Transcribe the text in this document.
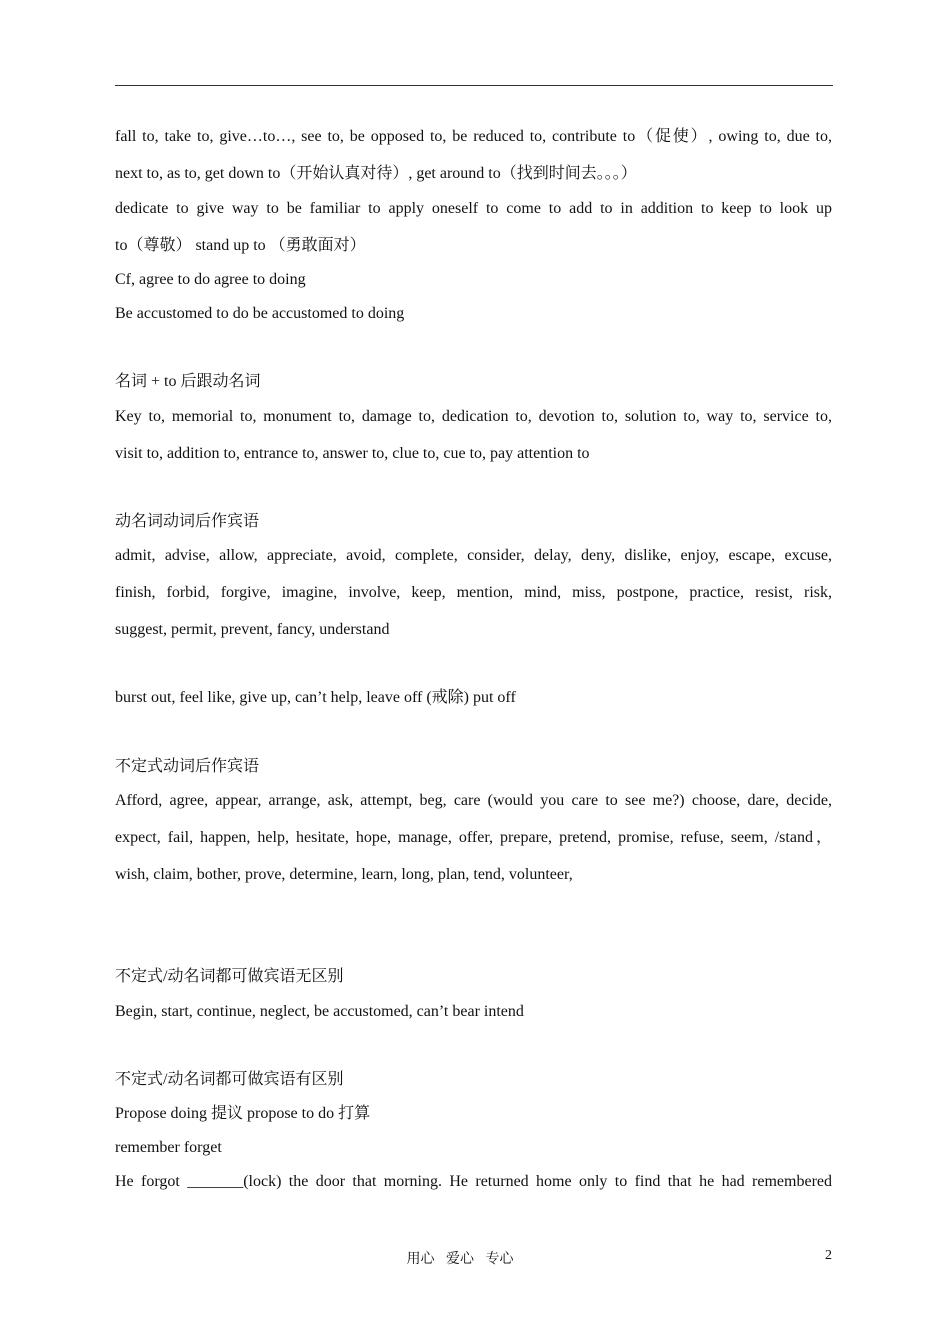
fall to, take to, give…to…, see to, be opposed to, be reduced to, contribute to（促使）, owing to, due to,
next to, as to, get down to（开始认真对待）, get around to（找到时间去。。。）
dedicate to give way to be familiar to apply oneself to come to add to in addition to keep to look up
to（尊敬） stand up to （勇敢面对）
Cf, agree to do agree to doing
Be accustomed to do be accustomed to doing
名词 + to 后跟动名词
Key to, memorial to, monument to, damage to, dedication to, devotion to, solution to, way to, service to,
visit to, addition to, entrance to, answer to, clue to, cue to, pay attention to
动名词动词后作宾语
admit, advise, allow, appreciate, avoid, complete, consider, delay, deny, dislike, enjoy, escape, excuse,
finish, forbid, forgive, imagine, involve, keep, mention, mind, miss, postpone, practice, resist, risk,
suggest, permit, prevent, fancy, understand
burst out, feel like, give up, can’t help, leave off (戒除) put off
不定式动词后作宾语
Afford, agree, appear, arrange, ask, attempt, beg, care (would you care to see me?) choose, dare, decide,
expect, fail, happen, help, hesitate, hope, manage, offer, prepare, pretend, promise, refuse, seem, /stand，
wish, claim, bother, prove, determine, learn, long, plan, tend, volunteer,
不定式/动名词都可做宾语无区别
Begin, start, continue, neglect, be accustomed, can’t bear intend
不定式/动名词都可做宾语有区别
Propose doing 提议 propose to do 打算
remember forget
He forgot _______(lock) the door that morning. He returned home only to find that he had remembered
用心 爱心 专心	2
